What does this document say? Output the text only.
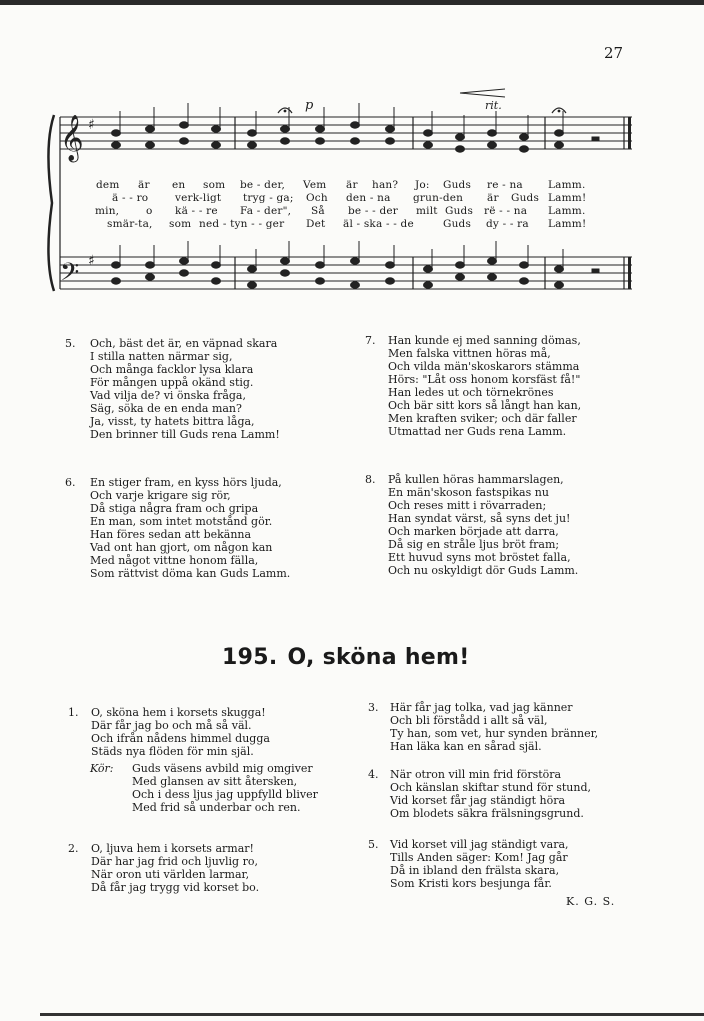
27
𝄞
𝄢
♯
♯
p	rit.
dem är en som be - der, Vem är han? Jo: Guds re - na Lamm.
ä - - ro	verk-ligt tryg - ga; Och den - na grun-den är Guds Lamm!
min,	o kä - - re Fa - der", Så be - - der milt Guds rë - - na Lamm.
smär-ta, som ned - tyn - - ger Det äl - ska - - de	Guds dy - - ra Lamm!
5. Och, bäst det är, en väpnad skara
I stilla natten närmar sig,
Och många facklor lysa klara
För mången uppå okänd stig.
Vad vilja de? vi önska fråga,
Säg, söka de en enda man?
Ja, visst, ty hatets bittra låga,
Den brinner till Guds rena Lamm!
7. Han kunde ej med sanning dömas,
Men falska vittnen höras må,
Och vilda män'skoskarors stämma
Hörs: "Låt oss honom korsfäst få!"
Han ledes ut och törnekrönes
Och bär sitt kors så långt han kan,
Men kraften sviker; och där faller
Utmattad ner Guds rena Lamm.
6. En stiger fram, en kyss hörs ljuda,
Och varje krigare sig rör,
Då stiga några fram och gripa
En man, som intet motstånd gör.
Han föres sedan att bekänna
Vad ont han gjort, om någon kan
Med något vittne honom fälla,
Som rättvist döma kan Guds Lamm.
8. På kullen höras hammarslagen,
En män'skoson fastspikas nu
Och reses mitt i rövarraden;
Han syndat värst, så syns det ju!
Och marken började att darra,
Då sig en stråle ljus bröt fram;
Ett huvud syns mot bröstet falla,
Och nu oskyldigt dör Guds Lamm.
195. O, sköna hem!
1. O, sköna hem i korsets skugga!
Där får jag bo och må så väl.
Och ifrån nådens himmel dugga
Städs nya flöden för min själ.
Kör: Guds väsens avbild mig omgiver
Med glansen av sitt återsken,
Och i dess ljus jag uppfylld bliver
Med frid så underbar och ren.
3. Här får jag tolka, vad jag känner
Och bli förstådd i allt så väl,
Ty han, som vet, hur synden bränner,
Han läka kan en sårad själ.
4. När otron vill min frid förstöra
Och känslan skiftar stund för stund,
Vid korset får jag ständigt höra
Om blodets säkra frälsningsgrund.
2. O, ljuva hem i korsets armar!
Där har jag frid och ljuvlig ro,
När oron uti världen larmar,
Då får jag trygg vid korset bo.
5. Vid korset vill jag ständigt vara,
Tills Anden säger: Kom! Jag går
Då in ibland den frälsta skara,
Som Kristi kors besjunga får.
K. G. S.
